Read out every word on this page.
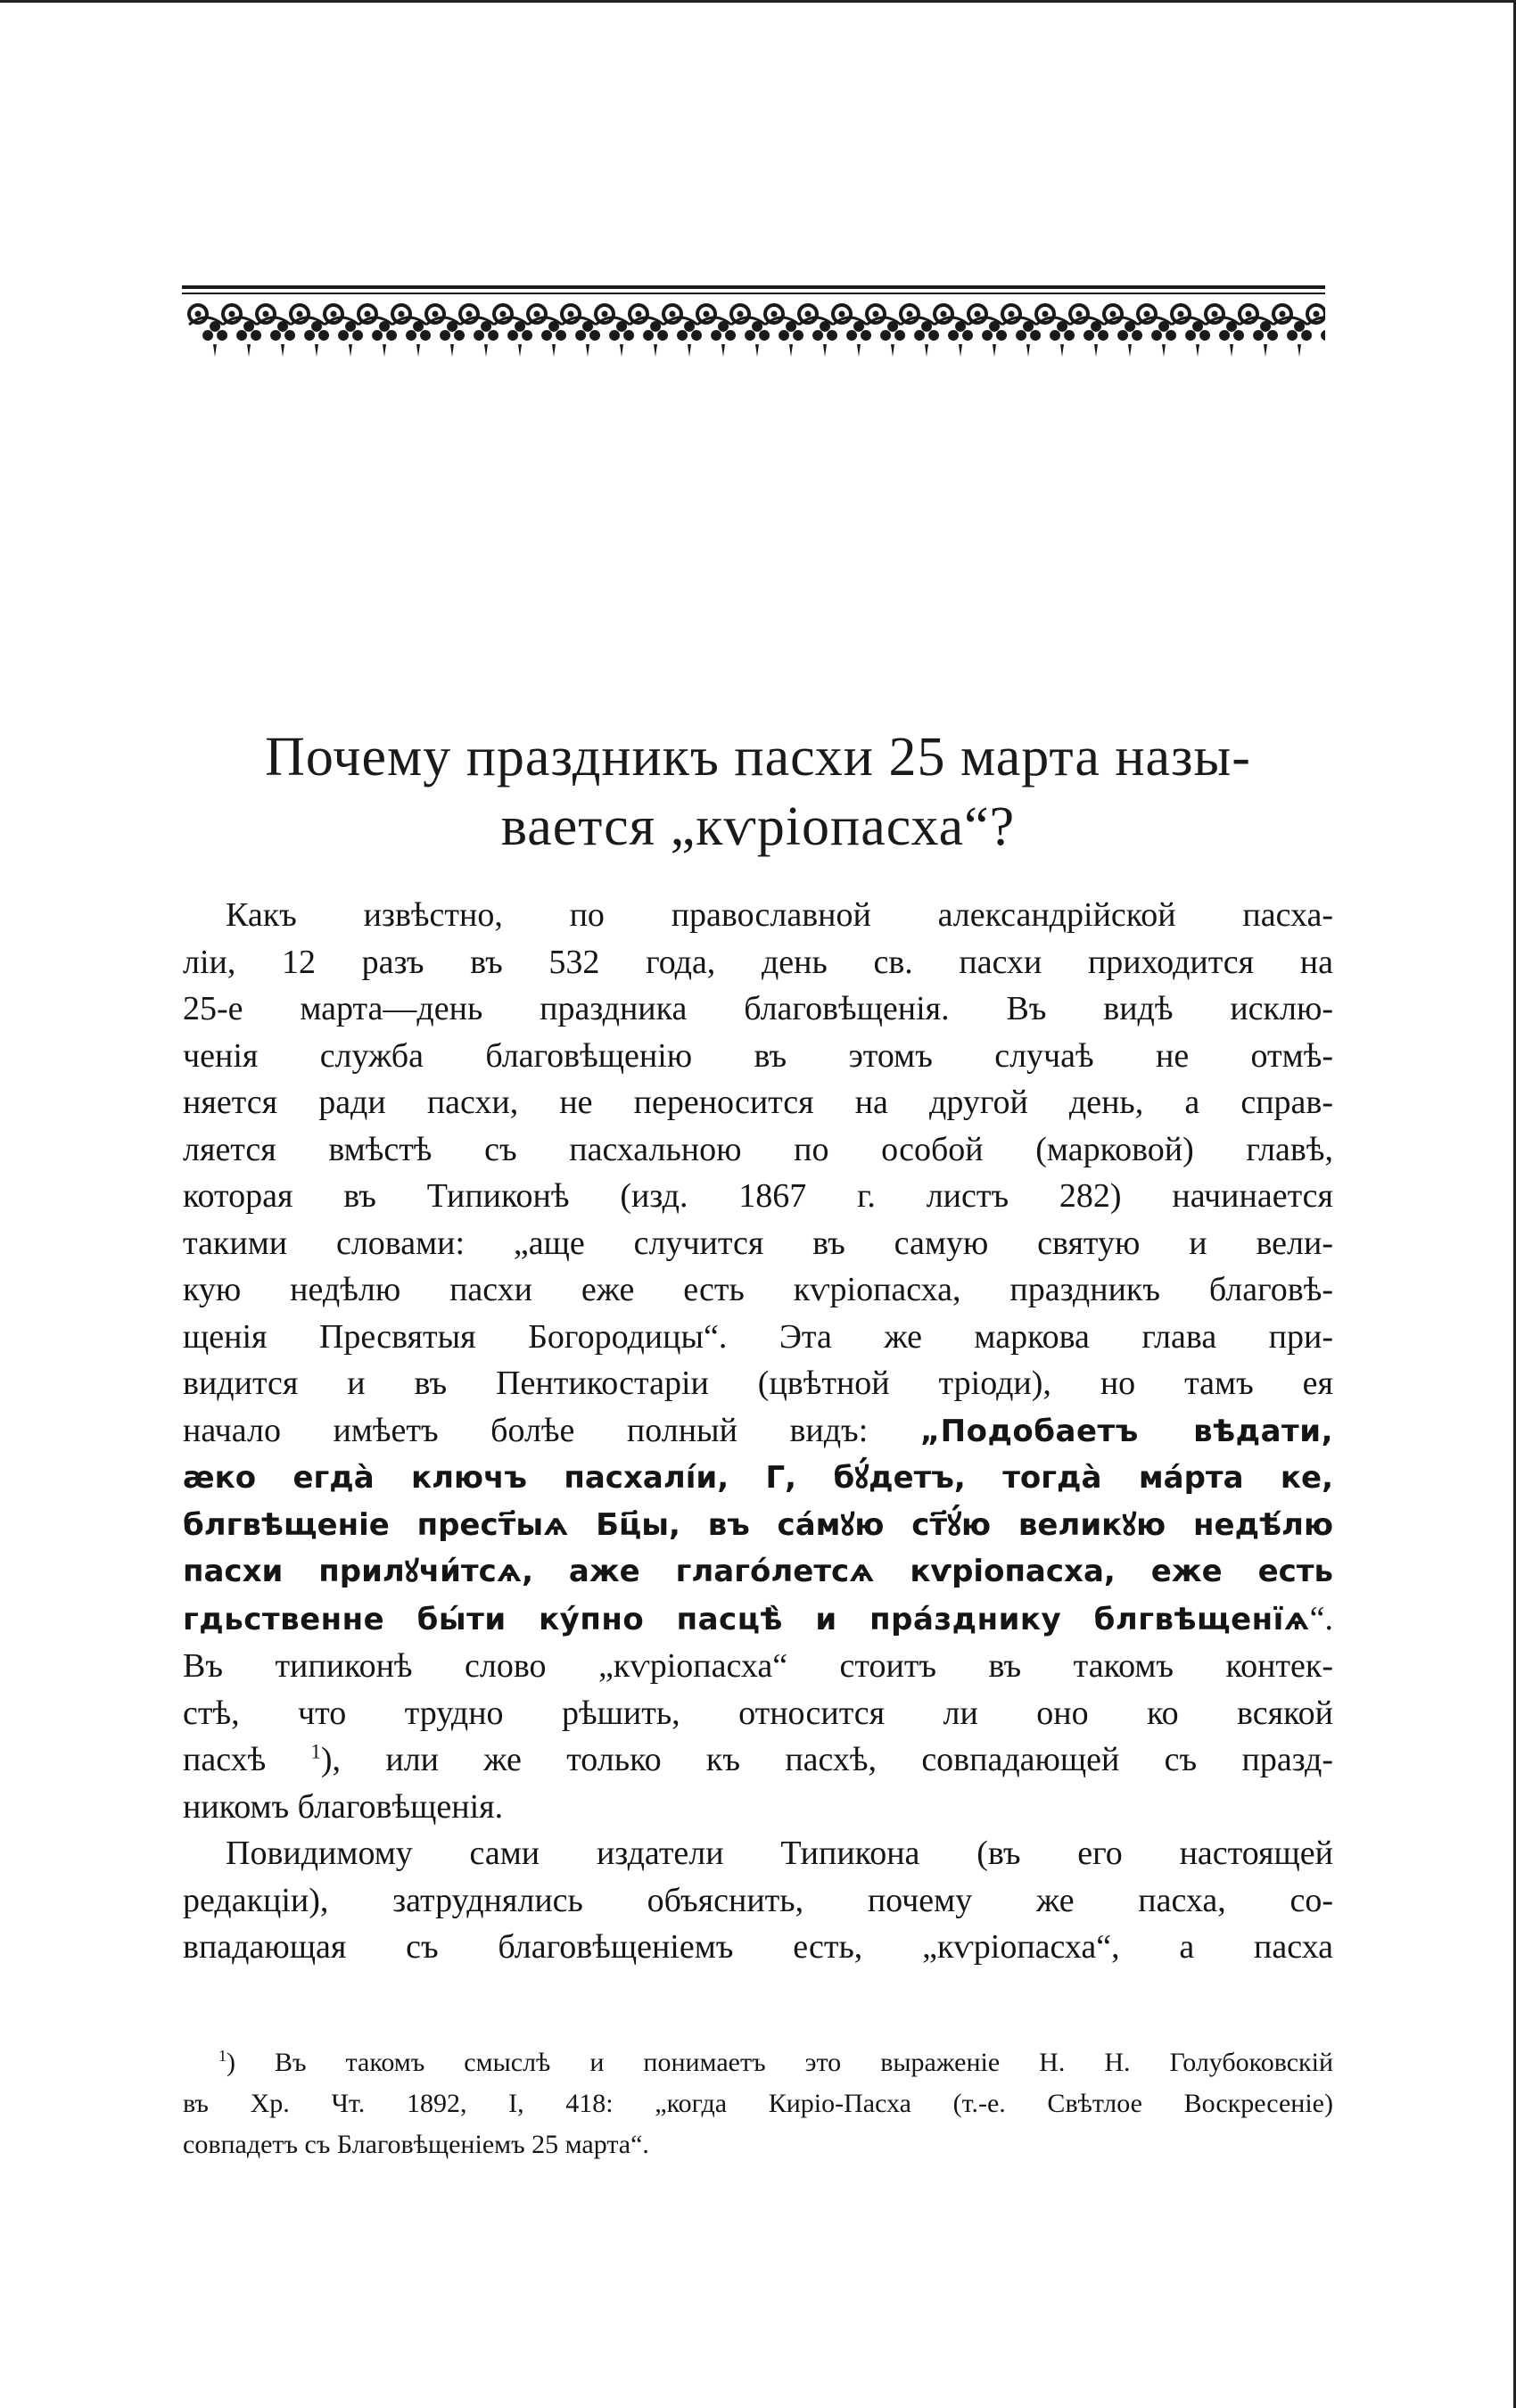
Почему праздникъ пасхи 25 марта назы-
вается „кѵріопасха“?
Какъ извѣстно, по православной александрійской пасха-
ліи, 12 разъ въ 532 года, день св. пасхи приходится на
25-е марта—день праздника благовѣщенія. Въ видѣ исклю-
ченія служба благовѣщенію въ этомъ случаѣ не отмѣ-
няется ради пасхи, не переносится на другой день, а справ-
ляется вмѣстѣ съ пасхальною по особой (марковой) главѣ,
которая въ Типиконѣ (изд. 1867 г. листъ 282) начинается
такими словами: „аще случится въ самую святую и вели-
кую недѣлю пасхи еже есть кѵріопасха, праздникъ благовѣ-
щенія Пресвятыя Богородицы“. Эта же маркова глава при-
видится и въ Пентикостаріи (цвѣтной тріоди), но тамъ ея
начало имѣетъ болѣе полный видъ: „Подобаетъ вѣдати,
ӕко егда̀ ключъ пасхалі́и, Г, бꙋ́детъ, тогда̀ ма́рта ке,
блгвѣщеніе прест҃ыѧ Бц҃ы, въ са́мꙋю ст҃ꙋ́ю великꙋю недѣ́лю
пасхи прилꙋчи́тсѧ, аже глаго́летсѧ кѵріопасха, еже есть
гдьственне бы́ти ку́пно пасцѣ̀ и пра́зднику блгвѣщенїѧ“.
Въ типиконѣ слово „кѵріопасха“ стоитъ въ такомъ контек-
стѣ, что трудно рѣшить, относится ли оно ко всякой
пасхѣ $^1$), или же только къ пасхѣ, совпадающей съ празд-
никомъ благовѣщенія.
Повидимому сами издатели Типикона (въ его настоящей
редакціи), затруднялись объяснить, почему же пасха, со-
впадающая съ благовѣщеніемъ есть, „кѵріопасха“, а пасха
$^1$) Въ такомъ смыслѣ и понимаетъ это выраженіе Н. Н. Голубоковскій
въ Хр. Чт. 1892, I, 418: „когда Кирiо-Пасха (т.-е. Свѣтлое Воскресеніе)
совпадетъ съ Благовѣщеніемъ 25 марта“.
